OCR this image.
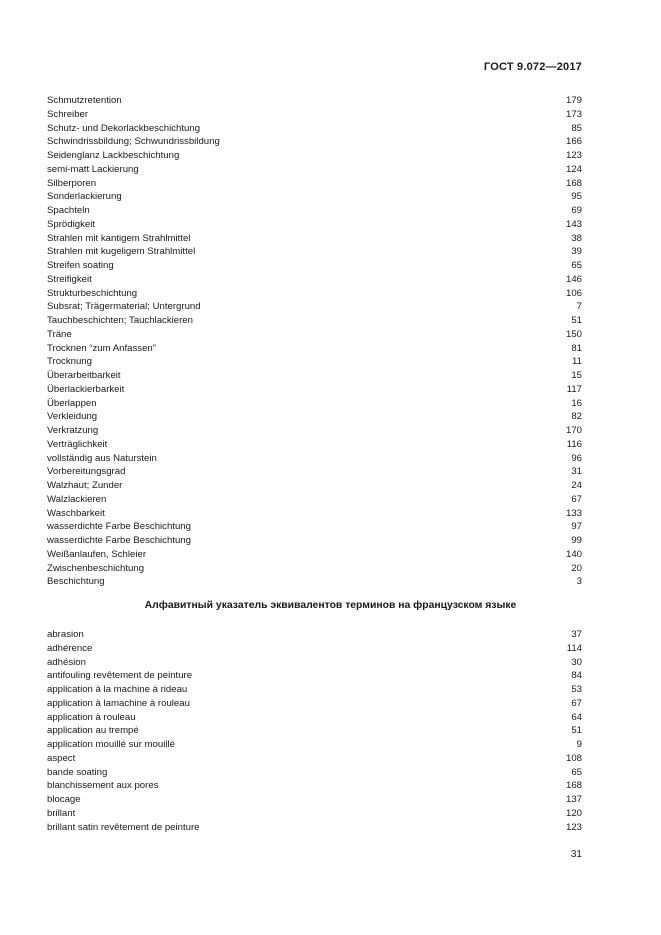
ГОСТ 9.072—2017
Schmutzretention	179
Schreiber	173
Schutz- und Dekorlackbeschichtung	85
Schwindrissbildung; Schwundrissbildung	166
Seidenglanz Lackbeschichtung	123
semi-matt Lackierung	124
Silberporen	168
Sonderlackierung	95
Spachteln	69
Sprödigkeit	143
Strahlen mit kantigem Strahlmittel	38
Strahlen mit kugeligem Strahlmittel	39
Streifen soating	65
Streifigkeit	146
Strukturbeschichtung	106
Subsrat; Trägermaterial; Untergrund	7
Tauchbeschichten; Tauchlackieren	51
Träne	150
Trocknen “zum Anfassen”	81
Trocknung	11
Überarbeitbarkeit	15
Überlackierbarkeit	117
Überlappen	16
Verkleidung	82
Verkratzung	170
Verträglichkeit	116
vollständig aus Naturstein	96
Vorbereitungsgrad	31
Walzhaut; Zunder	24
Walzlackieren	67
Waschbarkeit	133
wasserdichte Farbe Beschichtung	97
wasserdichte Farbe Beschichtung	99
Weißanlaufen, Schleier	140
Zwischenbeschichtung	20
Beschichtung	3
Алфавитный указатель эквивалентов терминов на французском языке
abrasion	37
adhérence	114
adhésion	30
antifouling revêtement de peinture	84
application à la machine à rideau	53
application à lamachine à rouleau	67
application à rouleau	64
application au trempé	51
application mouillé sur mouillé	9
aspect	108
bande soating	65
blanchissement aux pores	168
blocage	137
brillant	120
brillant satin revêtement de peinture	123
31
